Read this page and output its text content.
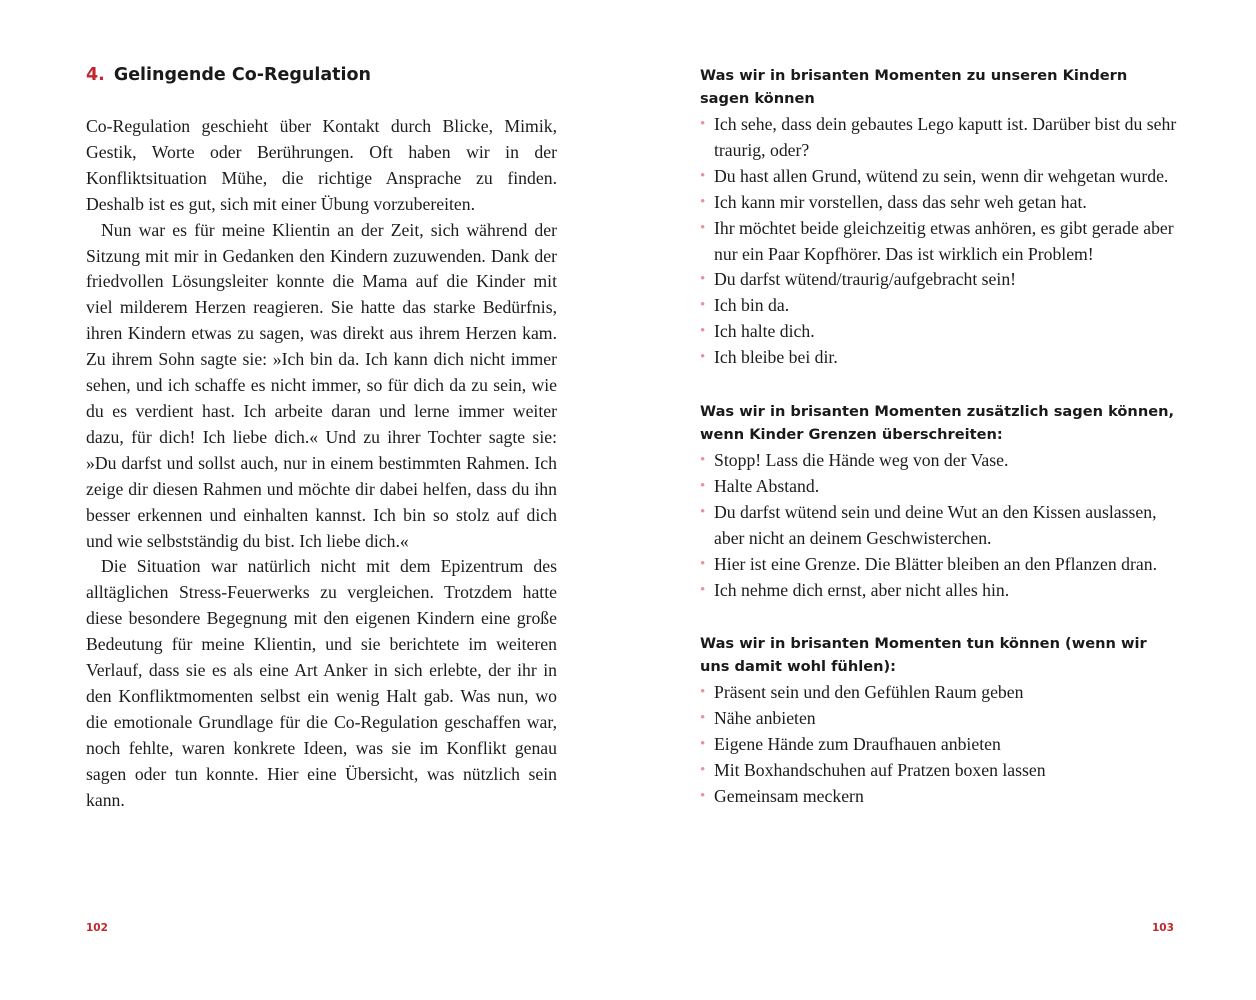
4. Gelingende Co-Regulation

Co-Regulation geschieht über Kontakt durch Blicke, Mimik, Gestik, Worte oder Berührungen. Oft haben wir in der Konfliktsituation Mühe, die richtige Ansprache zu finden. Deshalb ist es gut, sich mit einer Übung vorzubereiten.

Nun war es für meine Klientin an der Zeit, sich während der Sitzung mit mir in Gedanken den Kindern zuzuwenden. Dank der friedvollen Lösungsleiter konnte die Mama auf die Kinder mit viel milderem Herzen reagieren. Sie hatte das starke Bedürfnis, ihren Kindern etwas zu sagen, was direkt aus ihrem Herzen kam. Zu ihrem Sohn sagte sie: »Ich bin da. Ich kann dich nicht immer sehen, und ich schaffe es nicht immer, so für dich da zu sein, wie du es verdient hast. Ich arbeite daran und lerne immer weiter dazu, für dich! Ich liebe dich.« Und zu ihrer Tochter sagte sie: »Du darfst und sollst auch, nur in einem bestimmten Rahmen. Ich zeige dir diesen Rahmen und möchte dir dabei helfen, dass du ihn besser erkennen und einhalten kannst. Ich bin so stolz auf dich und wie selbstständig du bist. Ich liebe dich.«

Die Situation war natürlich nicht mit dem Epizentrum des alltäglichen Stress-Feuerwerks zu vergleichen. Trotzdem hatte diese besondere Begegnung mit den eigenen Kindern eine große Bedeutung für meine Klientin, und sie berichtete im weiteren Verlauf, dass sie es als eine Art Anker in sich erlebte, der ihr in den Konfliktmomenten selbst ein wenig Halt gab. Was nun, wo die emotionale Grundlage für die Co-Regulation geschaffen war, noch fehlte, waren konkrete Ideen, was sie im Konflikt genau sagen oder tun konnte. Hier eine Übersicht, was nützlich sein kann.

102
Was wir in brisanten Momenten zu unseren Kindern sagen können
• Ich sehe, dass dein gebautes Lego kaputt ist. Darüber bist du sehr traurig, oder?
• Du hast allen Grund, wütend zu sein, wenn dir wehgetan wurde.
• Ich kann mir vorstellen, dass das sehr weh getan hat.
• Ihr möchtet beide gleichzeitig etwas anhören, es gibt gerade aber nur ein Paar Kopfhörer. Das ist wirklich ein Problem!
• Du darfst wütend/traurig/aufgebracht sein!
• Ich bin da.
• Ich halte dich.
• Ich bleibe bei dir.
Was wir in brisanten Momenten zusätzlich sagen können, wenn Kinder Grenzen überschreiten:
• Stopp! Lass die Hände weg von der Vase.
• Halte Abstand.
• Du darfst wütend sein und deine Wut an den Kissen auslassen, aber nicht an deinem Geschwisterchen.
• Hier ist eine Grenze. Die Blätter bleiben an den Pflanzen dran.
• Ich nehme dich ernst, aber nicht alles hin.
Was wir in brisanten Momenten tun können (wenn wir uns damit wohl fühlen):
• Präsent sein und den Gefühlen Raum geben
• Nähe anbieten
• Eigene Hände zum Draufhauen anbieten
• Mit Boxhandschuhen auf Pratzen boxen lassen
• Gemeinsam meckern
103
